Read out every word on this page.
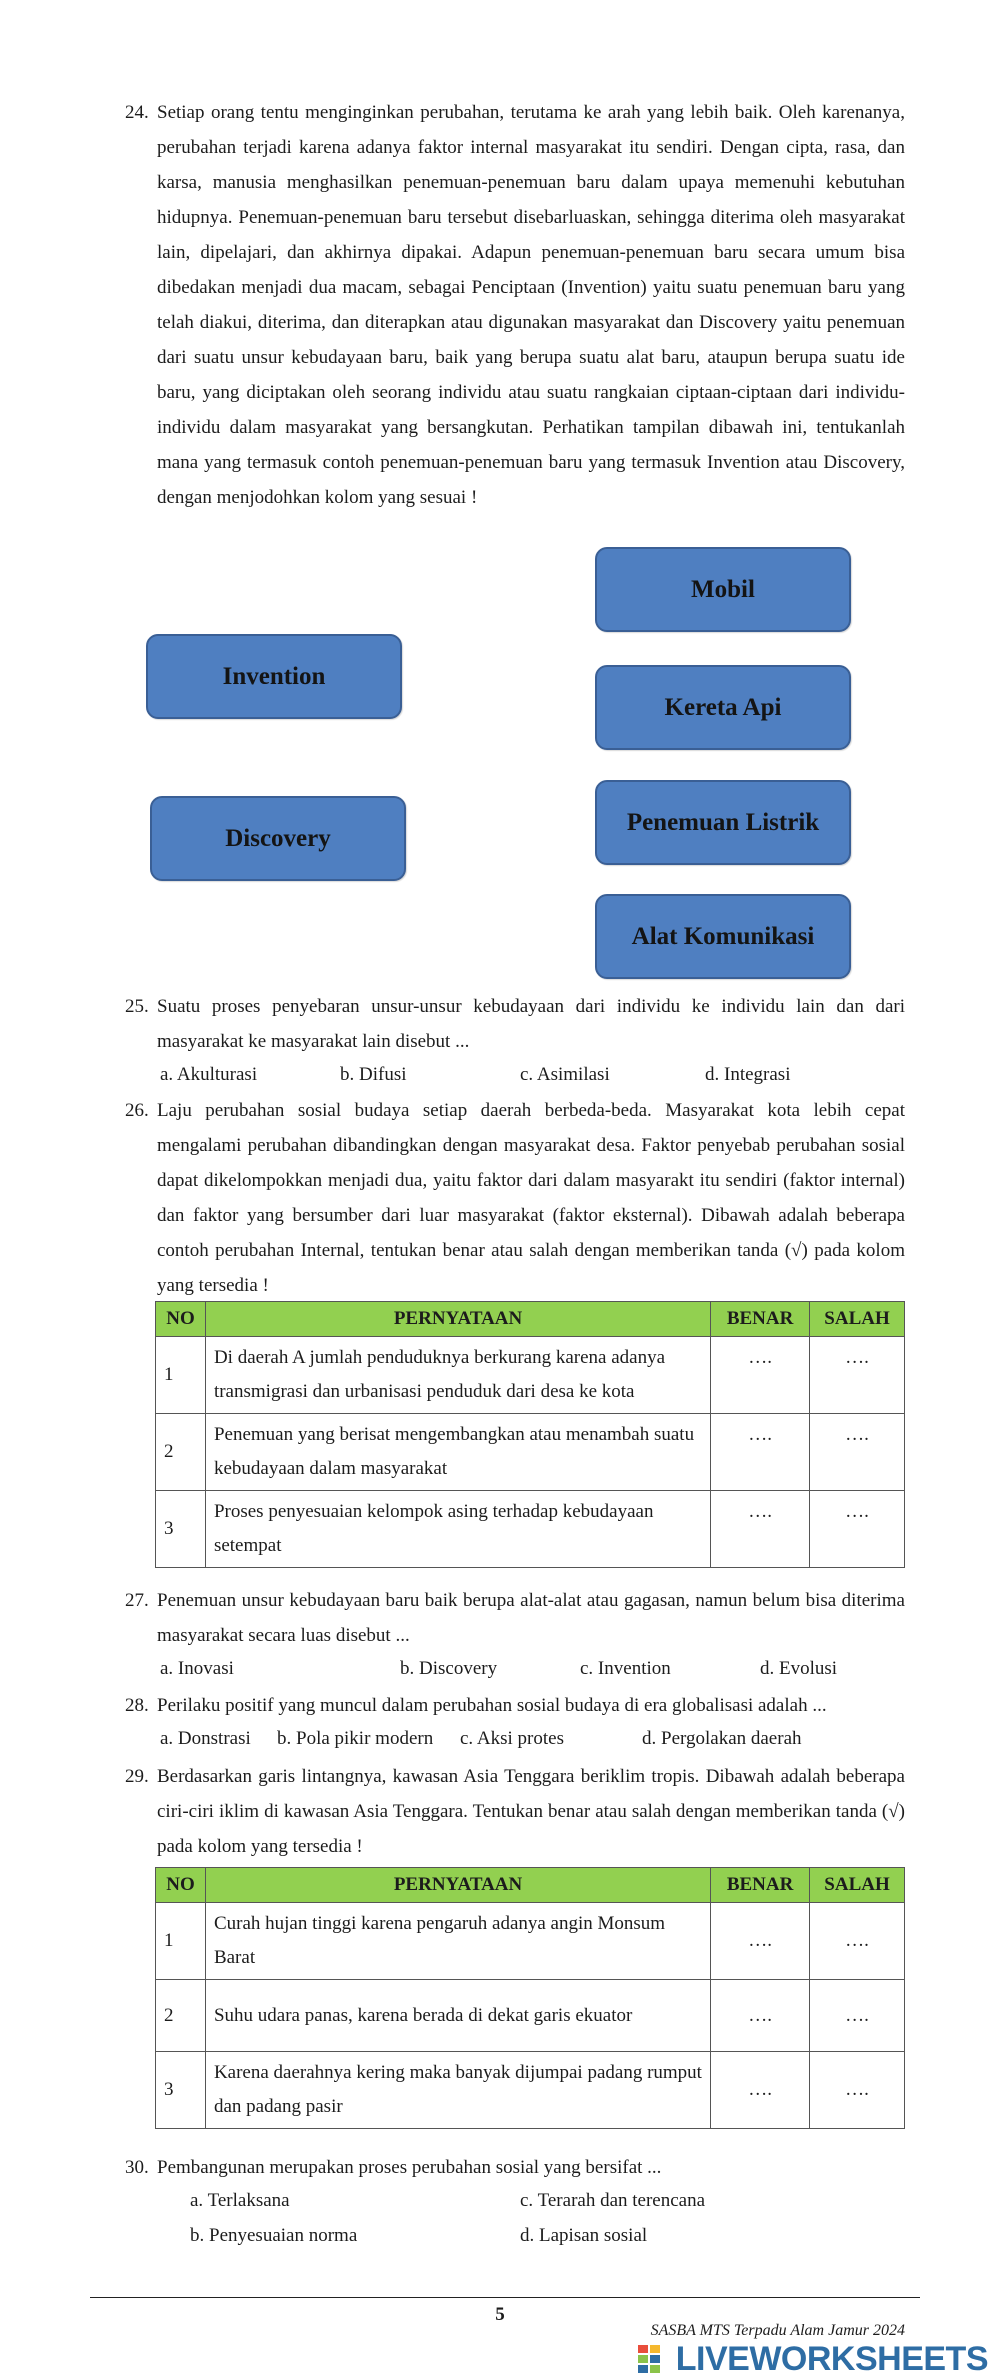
24. Setiap orang tentu menginginkan perubahan, terutama ke arah yang lebih baik. Oleh karenanya, perubahan terjadi karena adanya faktor internal masyarakat itu sendiri. Dengan cipta, rasa, dan karsa, manusia menghasilkan penemuan-penemuan baru dalam upaya memenuhi kebutuhan hidupnya. Penemuan-penemuan baru tersebut disebarluaskan, sehingga diterima oleh masyarakat lain, dipelajari, dan akhirnya dipakai. Adapun penemuan-penemuan baru secara umum bisa dibedakan menjadi dua macam, sebagai Penciptaan (Invention) yaitu suatu penemuan baru yang telah diakui, diterima, dan diterapkan atau digunakan masyarakat dan Discovery yaitu penemuan dari suatu unsur kebudayaan baru, baik yang berupa suatu alat baru, ataupun berupa suatu ide baru, yang diciptakan oleh seorang individu atau suatu rangkaian ciptaan-ciptaan dari individu-individu dalam masyarakat yang bersangkutan. Perhatikan tampilan dibawah ini, tentukanlah mana yang termasuk contoh penemuan-penemuan baru yang termasuk Invention atau Discovery, dengan menjodohkan kolom yang sesuai !
Invention
Discovery
Mobil
Kereta Api
Penemuan Listrik
Alat Komunikasi
25. Suatu proses penyebaran unsur-unsur kebudayaan dari individu ke individu lain dan dari masyarakat ke masyarakat lain disebut ...
a. Akulturasi	b. Difusi	c. Asimilasi	d. Integrasi
26. Laju perubahan sosial budaya setiap daerah berbeda-beda. Masyarakat kota lebih cepat mengalami perubahan dibandingkan dengan masyarakat desa. Faktor penyebab perubahan sosial dapat dikelompokkan menjadi dua, yaitu faktor dari dalam masyarakt itu sendiri (faktor internal) dan faktor yang bersumber dari luar masyarakat (faktor eksternal). Dibawah adalah beberapa contoh perubahan Internal, tentukan benar atau salah dengan memberikan tanda (√) pada kolom yang tersedia !
NO	PERNYATAAN	BENAR	SALAH
1	Di daerah A jumlah penduduknya berkurang karena adanya transmigrasi dan urbanisasi penduduk dari desa ke kota	….	….
2	Penemuan yang berisat mengembangkan atau menambah suatu kebudayaan dalam masyarakat	….	….
3	Proses penyesuaian kelompok asing terhadap kebudayaan setempat	….	….
27. Penemuan unsur kebudayaan baru baik berupa alat-alat atau gagasan, namun belum bisa diterima masyarakat secara luas disebut ...
a. Inovasi	b. Discovery	c. Invention	d. Evolusi
28. Perilaku positif yang muncul dalam perubahan sosial budaya di era globalisasi adalah ...
a. Donstrasi b. Pola pikir modern c. Aksi protes	d. Pergolakan daerah
29. Berdasarkan garis lintangnya, kawasan Asia Tenggara beriklim tropis. Dibawah adalah beberapa ciri-ciri iklim di kawasan Asia Tenggara. Tentukan benar atau salah dengan memberikan tanda (√) pada kolom yang tersedia !
NO	PERNYATAAN	BENAR	SALAH
1	Curah hujan tinggi karena pengaruh adanya angin Monsum Barat	….	….
2	Suhu udara panas, karena berada di dekat garis ekuator	….	….
3	Karena daerahnya kering maka banyak dijumpai padang rumput dan padang pasir	….	….
30. Pembangunan merupakan proses perubahan sosial yang bersifat ...
a. Terlaksana	c. Terarah dan terencana
b. Penyesuaian norma	d. Lapisan sosial
5
SASBA MTS Terpadu Alam Jamur 2024
LIVEWORKSHEETS
